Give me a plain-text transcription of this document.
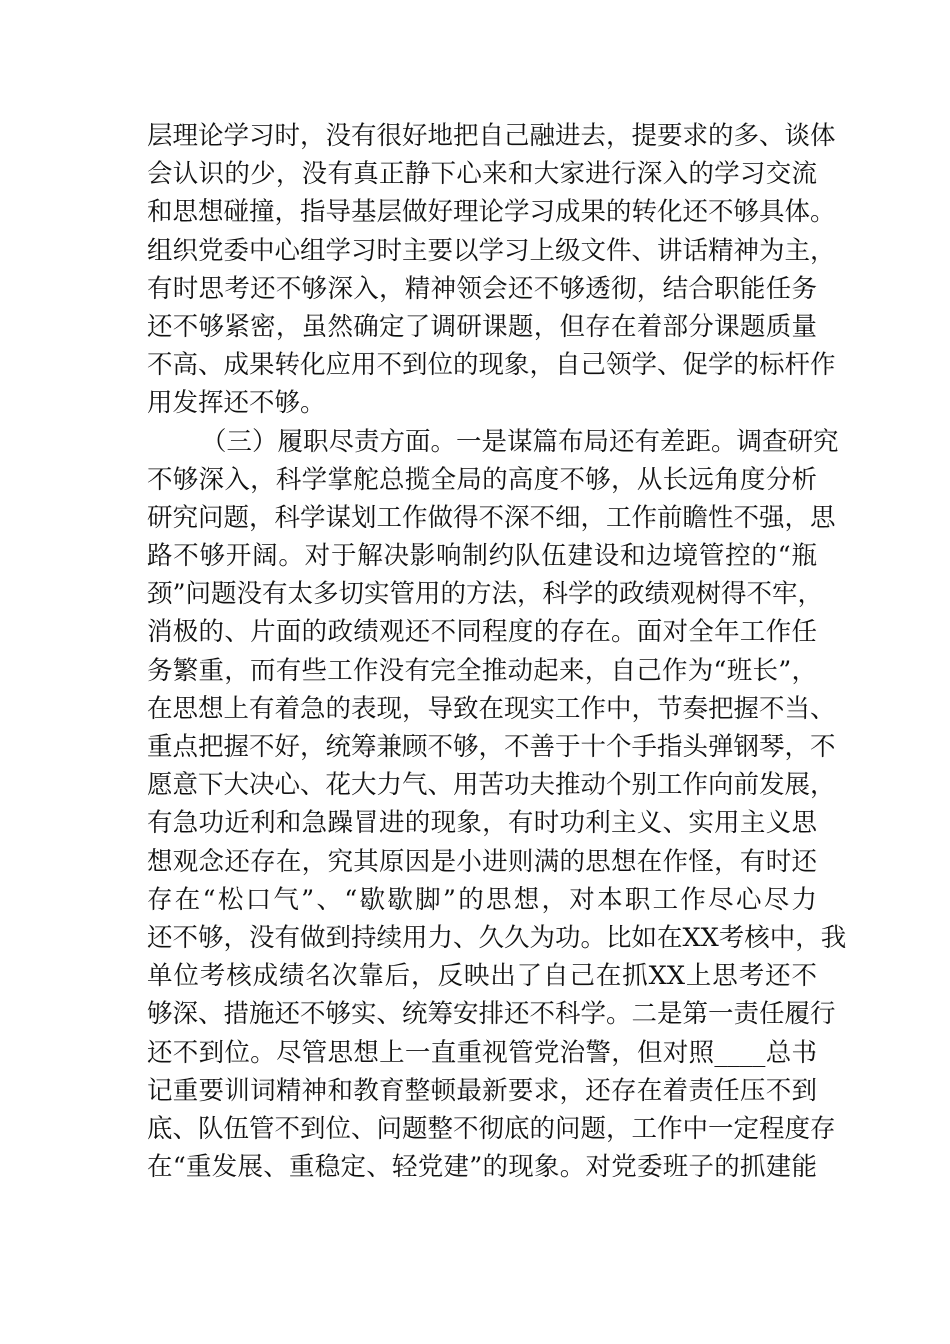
层理论学习时，没有很好地把自己融进去，提要求的多、谈体
会认识的少，没有真正静下心来和大家进行深入的学习交流
和思想碰撞，指导基层做好理论学习成果的转化还不够具体。
组织党委中心组学习时主要以学习上级文件、讲话精神为主，
有时思考还不够深入，精神领会还不够透彻，结合职能任务
还不够紧密，虽然确定了调研课题，但存在着部分课题质量
不高、成果转化应用不到位的现象，自己领学、促学的标杆作
用发挥还不够。
（三）履职尽责方面。一是谋篇布局还有差距。调查研究
不够深入，科学掌舵总揽全局的高度不够，从长远角度分析
研究问题，科学谋划工作做得不深不细，工作前瞻性不强，思
路不够开阔。对于解决影响制约队伍建设和边境管控的“瓶
颈”问题没有太多切实管用的方法，科学的政绩观树得不牢，
消极的、片面的政绩观还不同程度的存在。面对全年工作任
务繁重，而有些工作没有完全推动起来，自己作为“班长”，
在思想上有着急的表现，导致在现实工作中，节奏把握不当、
重点把握不好，统筹兼顾不够，不善于十个手指头弹钢琴，不
愿意下大决心、花大力气、用苦功夫推动个别工作向前发展，
有急功近利和急躁冒进的现象，有时功利主义、实用主义思
想观念还存在，究其原因是小进则满的思想在作怪，有时还
存在“松口气”、“歇歇脚”的思想，对本职工作尽心尽力
还不够，没有做到持续用力、久久为功。比如在XX考核中，我
单位考核成绩名次靠后，反映出了自己在抓XX上思考还不
够深、措施还不够实、统筹安排还不科学。二是第一责任履行
还不到位。尽管思想上一直重视管党治警，但对照____总书
记重要训词精神和教育整顿最新要求，还存在着责任压不到
底、队伍管不到位、问题整不彻底的问题，工作中一定程度存
在“重发展、重稳定、轻党建”的现象。对党委班子的抓建能
